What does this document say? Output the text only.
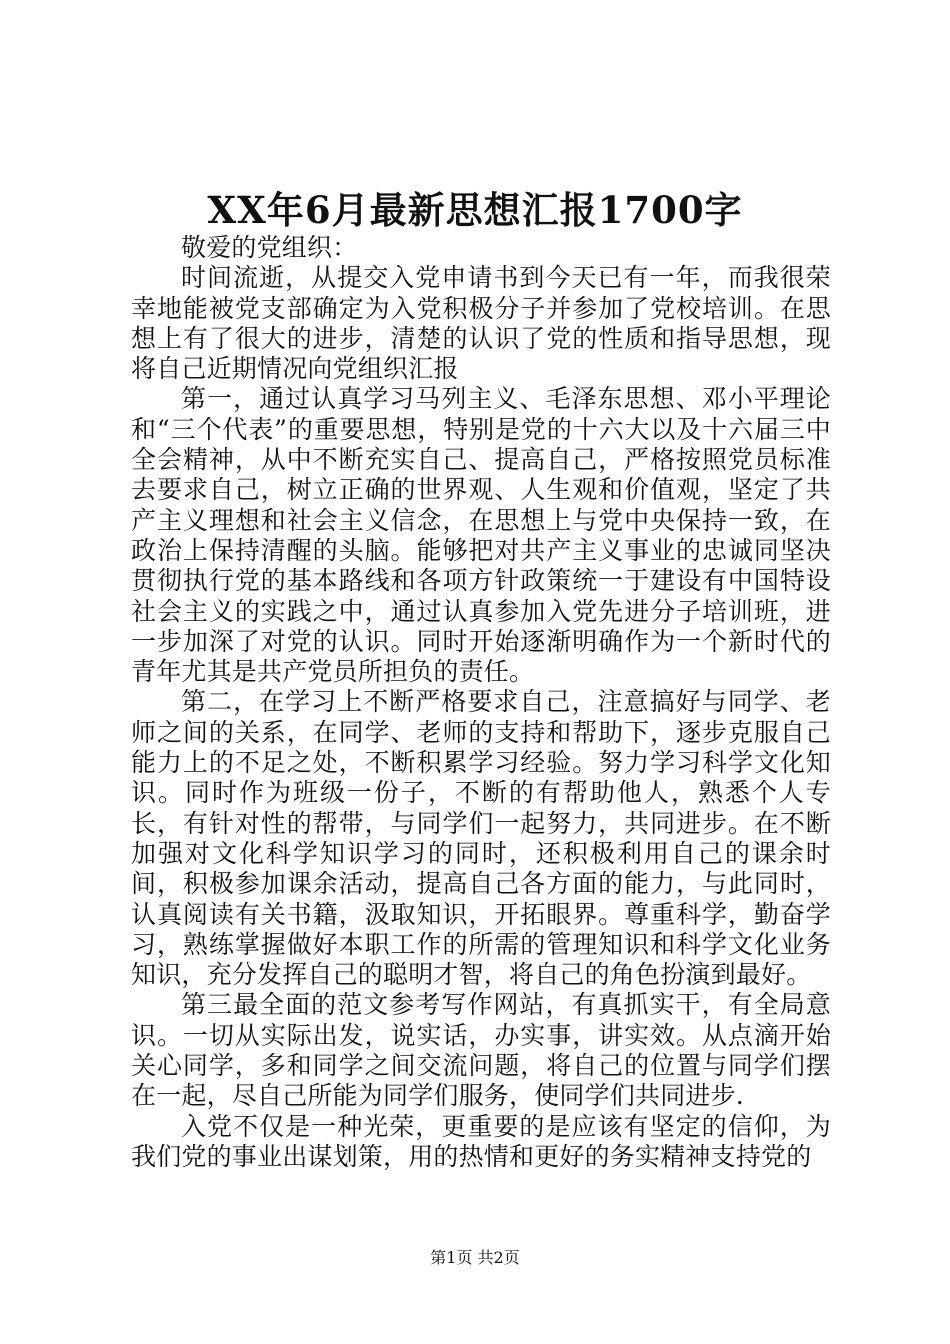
XX年6月最新思想汇报1700字

敬爱的党组织：

时间流逝，从提交入党申请书到今天已有一年，而我很荣幸地能被党支部确定为入党积极分子并参加了党校培训。在思想上有了很大的进步，清楚的认识了党的性质和指导思想，现将自己近期情况向党组织汇报

第一，通过认真学习马列主义、毛泽东思想、邓小平理论和“三个代表”的重要思想，特别是党的十六大以及十六届三中全会精神，从中不断充实自己、提高自己，严格按照党员标准去要求自己，树立正确的世界观、人生观和价值观，坚定了共产主义理想和社会主义信念，在思想上与党中央保持一致，在政治上保持清醒的头脑。能够把对共产主义事业的忠诚同坚决贯彻执行党的基本路线和各项方针政策统一于建设有中国特设社会主义的实践之中，通过认真参加入党先进分子培训班，进一步加深了对党的认识。同时开始逐渐明确作为一个新时代的青年尤其是共产党员所担负的责任。

第二，在学习上不断严格要求自己，注意搞好与同学、老师之间的关系，在同学、老师的支持和帮助下，逐步克服自己能力上的不足之处，不断积累学习经验。努力学习科学文化知识。同时作为班级一份子，不断的有帮助他人，熟悉个人专长，有针对性的帮带，与同学们一起努力，共同进步。在不断加强对文化科学知识学习的同时，还积极利用自己的课余时间，积极参加课余活动，提高自己各方面的能力，与此同时，认真阅读有关书籍，汲取知识，开拓眼界。尊重科学，勤奋学习，熟练掌握做好本职工作的所需的管理知识和科学文化业务知识，充分发挥自己的聪明才智，将自己的角色扮演到最好。

第三最全面的范文参考写作网站，有真抓实干，有全局意识。一切从实际出发，说实话，办实事，讲实效。从点滴开始关心同学，多和同学之间交流问题，将自己的位置与同学们摆在一起，尽自己所能为同学们服务，使同学们共同进步.

入党不仅是一种光荣，更重要的是应该有坚定的信仰，为我们党的事业出谋划策，用的热情和更好的务实精神支持党的

第1页 共2页
